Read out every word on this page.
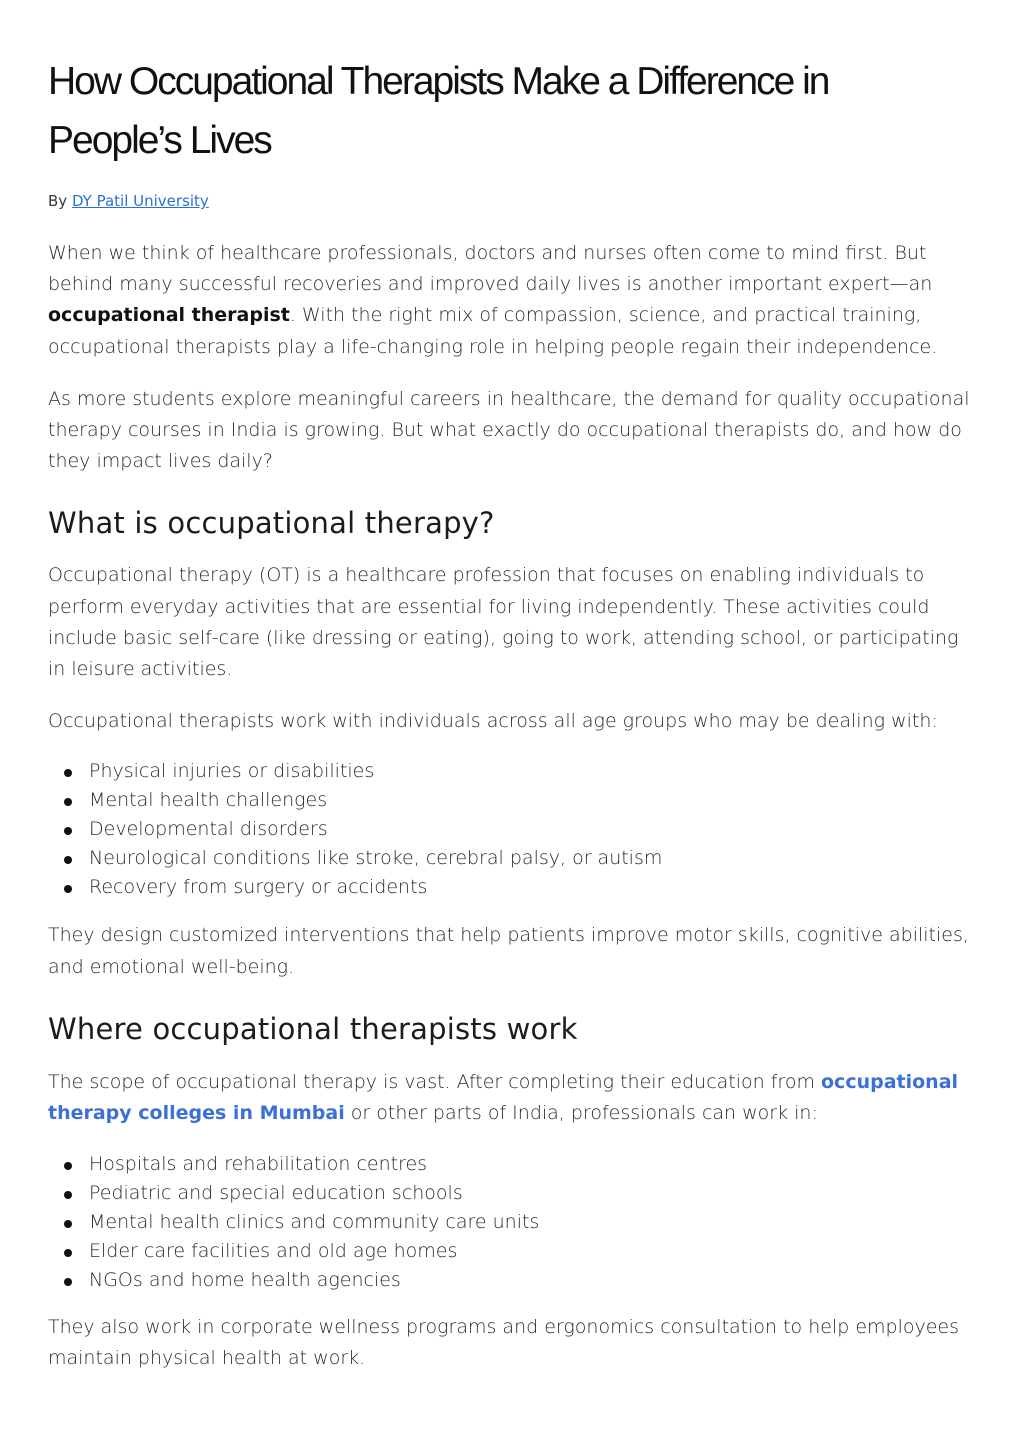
How Occupational Therapists Make a Difference in People’s Lives
By DY Patil University

When we think of healthcare professionals, doctors and nurses often come to mind first. But behind many successful recoveries and improved daily lives is another important expert—an occupational therapist. With the right mix of compassion, science, and practical training, occupational therapists play a life-changing role in helping people regain their independence.

As more students explore meaningful careers in healthcare, the demand for quality occupational therapy courses in India is growing. But what exactly do occupational therapists do, and how do they impact lives daily?

What is occupational therapy?

Occupational therapy (OT) is a healthcare profession that focuses on enabling individuals to perform everyday activities that are essential for living independently. These activities could include basic self-care (like dressing or eating), going to work, attending school, or participating in leisure activities.

Occupational therapists work with individuals across all age groups who may be dealing with:

Physical injuries or disabilities
Mental health challenges
Developmental disorders
Neurological conditions like stroke, cerebral palsy, or autism
Recovery from surgery or accidents

They design customized interventions that help patients improve motor skills, cognitive abilities, and emotional well-being.

Where occupational therapists work

The scope of occupational therapy is vast. After completing their education from occupational therapy colleges in Mumbai or other parts of India, professionals can work in:

Hospitals and rehabilitation centres
Pediatric and special education schools
Mental health clinics and community care units
Elder care facilities and old age homes
NGOs and home health agencies

They also work in corporate wellness programs and ergonomics consultation to help employees maintain physical health at work.
